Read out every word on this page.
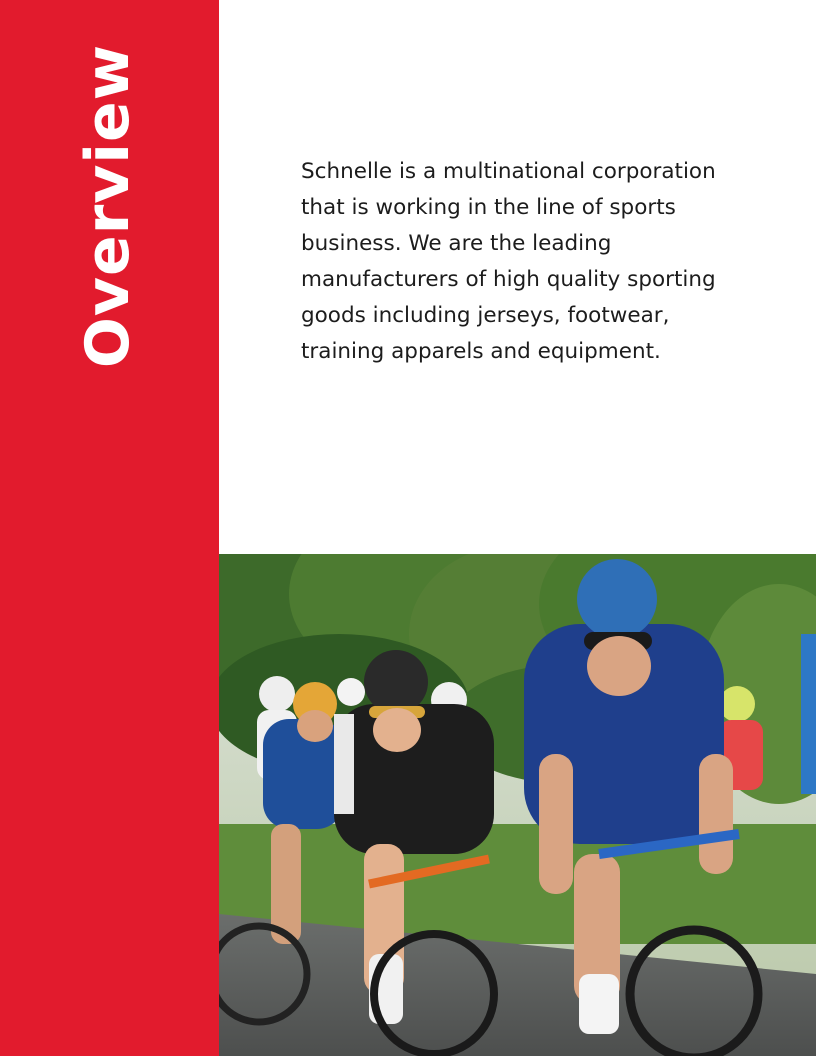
Overview	Schnelle is a multinational corporation that is working in the line of sports business. We are the leading manufacturers of high quality sporting goods including jerseys, footwear, training apparels and equipment.
